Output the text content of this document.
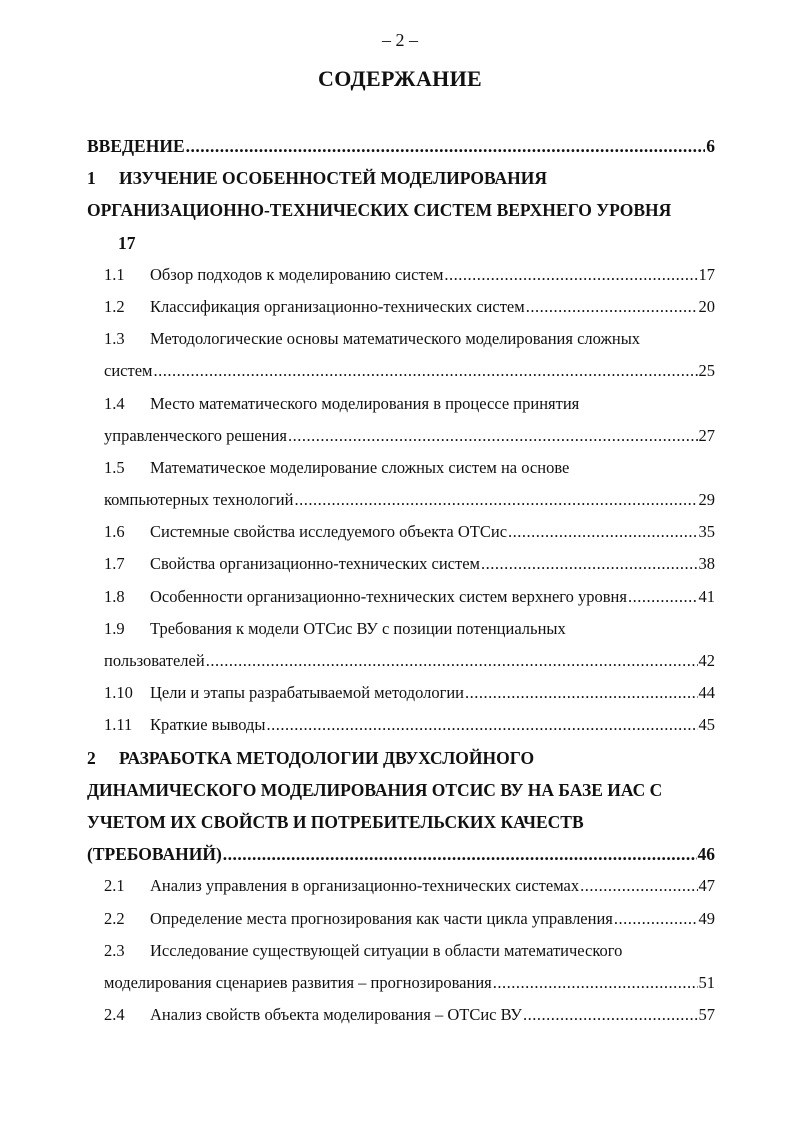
– 2 –
СОДЕРЖАНИЕ
ВВЕДЕНИЕ .....	6
1	ИЗУЧЕНИЕ ОСОБЕННОСТЕЙ МОДЕЛИРОВАНИЯ
ОРГАНИЗАЦИОННО-ТЕХНИЧЕСКИХ СИСТЕМ ВЕРХНЕГО УРОВНЯ
17
1.1	Обзор подходов к моделированию систем .....	17
1.2	Классификация организационно-технических систем .....	20
1.3	Методологические основы математического моделирования сложных
систем .....	25
1.4	Место математического моделирования в процессе принятия
управленческого решения .....	27
1.5	Математическое моделирование сложных систем на основе
компьютерных технологий .....	29
1.6	Системные свойства исследуемого объекта ОТСис .....	35
1.7	Свойства организационно-технических систем .....	38
1.8	Особенности организационно-технических систем верхнего уровня .....	41
1.9	Требования к модели ОТСис ВУ с позиции потенциальных
пользователей .....	42
1.10	Цели и этапы разрабатываемой методологии .....	44
1.11	Краткие выводы .....	45
2	РАЗРАБОТКА МЕТОДОЛОГИИ ДВУХСЛОЙНОГО
ДИНАМИЧЕСКОГО МОДЕЛИРОВАНИЯ ОТСИС ВУ НА БАЗЕ ИАС С
УЧЕТОМ ИХ СВОЙСТВ И ПОТРЕБИТЕЛЬСКИХ КАЧЕСТВ
(ТРЕБОВАНИЙ) .....	46
2.1	Анализ управления в организационно-технических системах .....	47
2.2	Определение места прогнозирования как части цикла управления .....	49
2.3	Исследование существующей ситуации в области математического
моделирования сценариев развития – прогнозирования .....	51
2.4	Анализ свойств объекта моделирования – ОТСис ВУ .....	57
